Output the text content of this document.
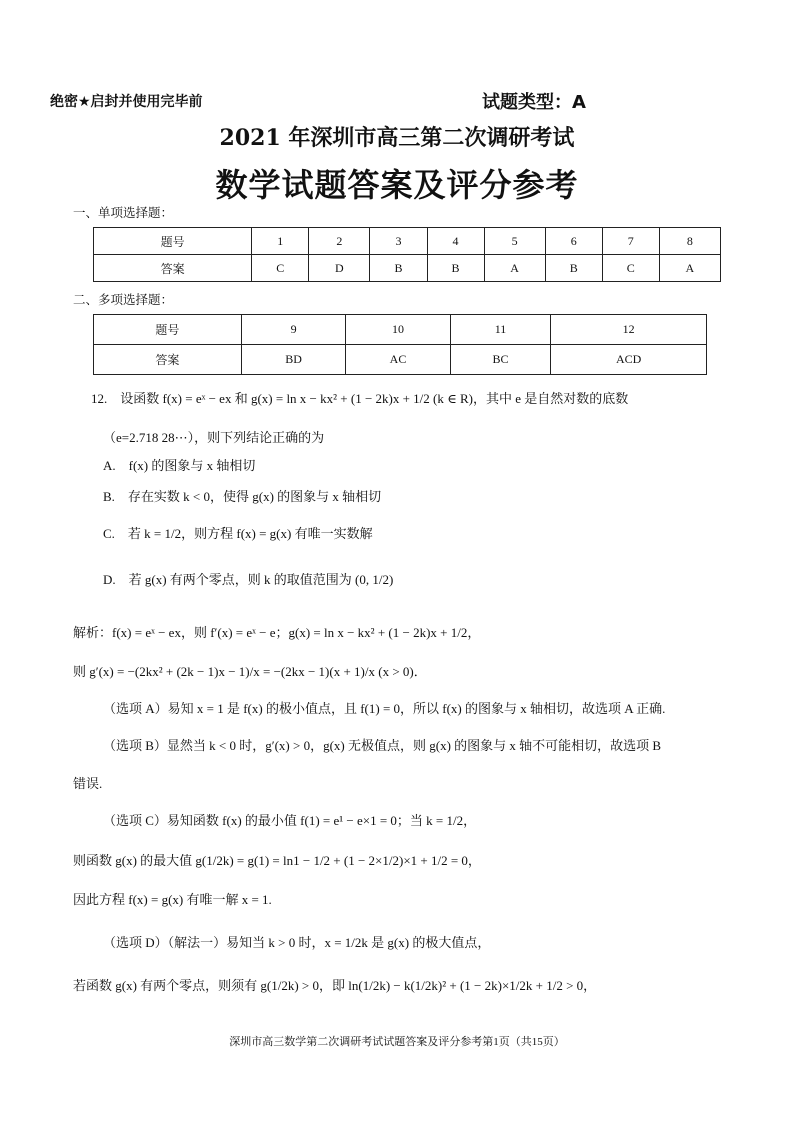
绝密★启封并使用完毕前	试题类型：A
2021 年深圳市高三第二次调研考试
数学试题答案及评分参考
一、单项选择题：
题号	1	2	3	4	5	6	7	8
答案	C	D	B	B	A	B	C	A
二、多项选择题：
题号	9	10	11	12
答案	BD	AC	BC	ACD
12.　设函数 f(x) = eˣ − ex 和 g(x) = ln x − kx² + (1 − 2k)x + 1/2 (k ∈ R)，其中 e 是自然对数的底数
（e=2.718 28⋯），则下列结论正确的为
A.　f(x) 的图象与 x 轴相切
B.　存在实数 k < 0，使得 g(x) 的图象与 x 轴相切
C.　若 k = 1/2，则方程 f(x) = g(x) 有唯一实数解
D.　若 g(x) 有两个零点，则 k 的取值范围为 (0, 1/2)
解析：f(x) = eˣ − ex，则 f′(x) = eˣ − e；g(x) = ln x − kx² + (1 − 2k)x + 1/2，
则 g′(x) = −(2kx² + (2k − 1)x − 1)/x = −(2kx − 1)(x + 1)/x (x > 0)．
（选项 A）易知 x = 1 是 f(x) 的极小值点，且 f(1) = 0，所以 f(x) 的图象与 x 轴相切，故选项 A 正确.
（选项 B）显然当 k < 0 时，g′(x) > 0，g(x) 无极值点，则 g(x) 的图象与 x 轴不可能相切，故选项 B
错误.
（选项 C）易知函数 f(x) 的最小值 f(1) = e¹ − e×1 = 0；当 k = 1/2，
则函数 g(x) 的最大值 g(1/2k) = g(1) = ln1 − 1/2 + (1 − 2×1/2)×1 + 1/2 = 0，
因此方程 f(x) = g(x) 有唯一解 x = 1.
（选项 D）（解法一）易知当 k > 0 时，x = 1/2k 是 g(x) 的极大值点，
若函数 g(x) 有两个零点，则须有 g(1/2k) > 0，即 ln(1/2k) − k(1/2k)² + (1 − 2k)×1/2k + 1/2 > 0，
深圳市高三数学第二次调研考试试题答案及评分参考第1页（共15页）
